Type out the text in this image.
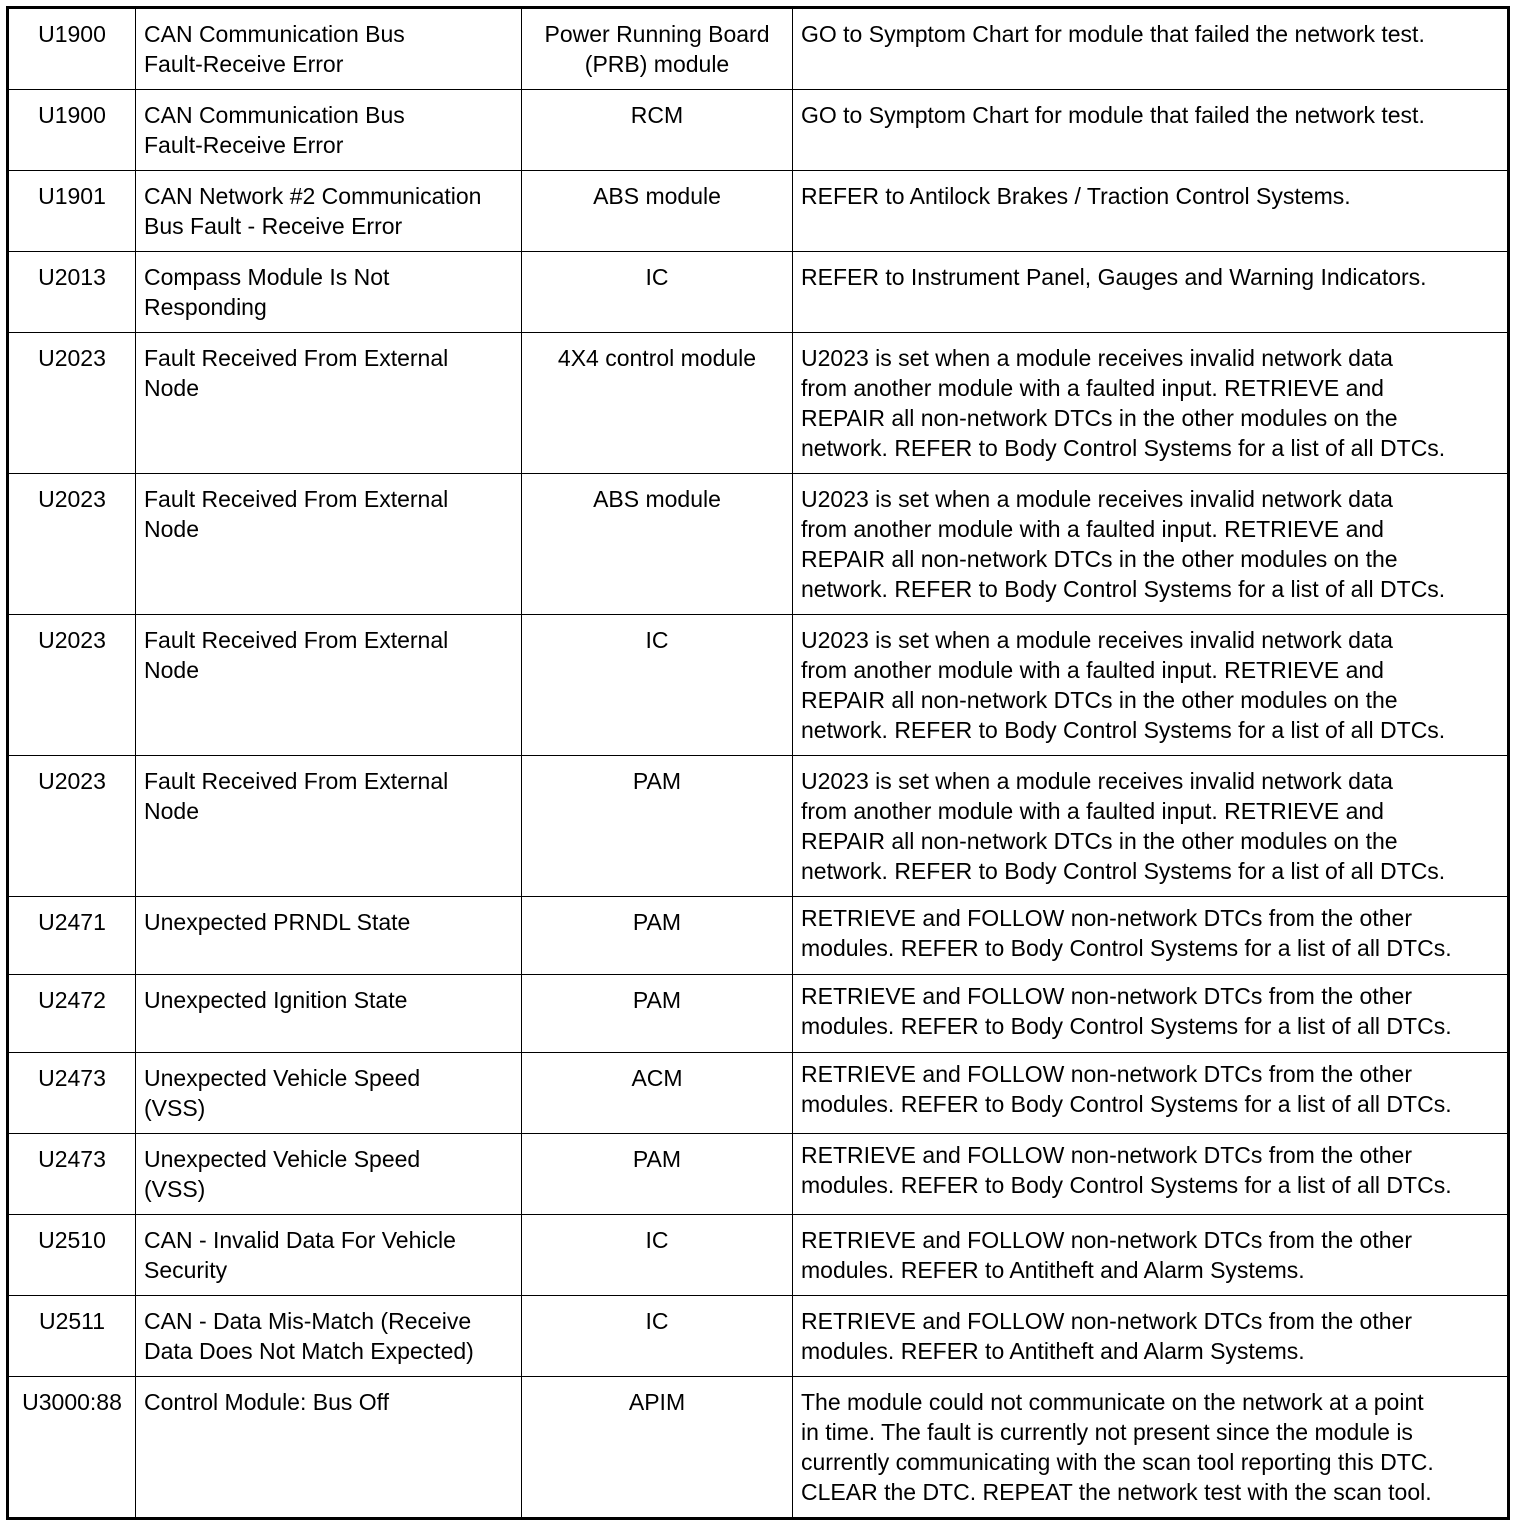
U1900	CAN Communication Bus
Fault-Receive Error	Power Running Board
(PRB) module	GO to Symptom Chart for module that failed the network test.

U1900	CAN Communication Bus
Fault-Receive Error	RCM	GO to Symptom Chart for module that failed the network test.

U1901	CAN Network #2 Communication
Bus Fault - Receive Error	ABS module	REFER to Antilock Brakes / Traction Control Systems.

U2013	Compass Module Is Not
Responding	IC	REFER to Instrument Panel, Gauges and Warning Indicators.

U2023	Fault Received From External
Node	4X4 control module	U2023 is set when a module receives invalid network data
from another module with a faulted input. RETRIEVE and
REPAIR all non-network DTCs in the other modules on the
network. REFER to Body Control Systems for a list of all DTCs.

U2023	Fault Received From External
Node	ABS module	U2023 is set when a module receives invalid network data
from another module with a faulted input. RETRIEVE and
REPAIR all non-network DTCs in the other modules on the
network. REFER to Body Control Systems for a list of all DTCs.

U2023	Fault Received From External
Node	IC	U2023 is set when a module receives invalid network data
from another module with a faulted input. RETRIEVE and
REPAIR all non-network DTCs in the other modules on the
network. REFER to Body Control Systems for a list of all DTCs.

U2023	Fault Received From External
Node	PAM	U2023 is set when a module receives invalid network data
from another module with a faulted input. RETRIEVE and
REPAIR all non-network DTCs in the other modules on the
network. REFER to Body Control Systems for a list of all DTCs.

U2471	Unexpected PRNDL State	PAM	RETRIEVE and FOLLOW non-network DTCs from the other
modules. REFER to Body Control Systems for a list of all DTCs.

U2472	Unexpected Ignition State	PAM	RETRIEVE and FOLLOW non-network DTCs from the other
modules. REFER to Body Control Systems for a list of all DTCs.

U2473	Unexpected Vehicle Speed
(VSS)	ACM	RETRIEVE and FOLLOW non-network DTCs from the other
modules. REFER to Body Control Systems for a list of all DTCs.

U2473	Unexpected Vehicle Speed
(VSS)	PAM	RETRIEVE and FOLLOW non-network DTCs from the other
modules. REFER to Body Control Systems for a list of all DTCs.

U2510	CAN - Invalid Data For Vehicle
Security	IC	RETRIEVE and FOLLOW non-network DTCs from the other
modules. REFER to Antitheft and Alarm Systems.

U2511	CAN - Data Mis-Match (Receive
Data Does Not Match Expected)	IC	RETRIEVE and FOLLOW non-network DTCs from the other
modules. REFER to Antitheft and Alarm Systems.

U3000:88	Control Module: Bus Off	APIM	The module could not communicate on the network at a point
in time. The fault is currently not present since the module is
currently communicating with the scan tool reporting this DTC.
CLEAR the DTC. REPEAT the network test with the scan tool.
